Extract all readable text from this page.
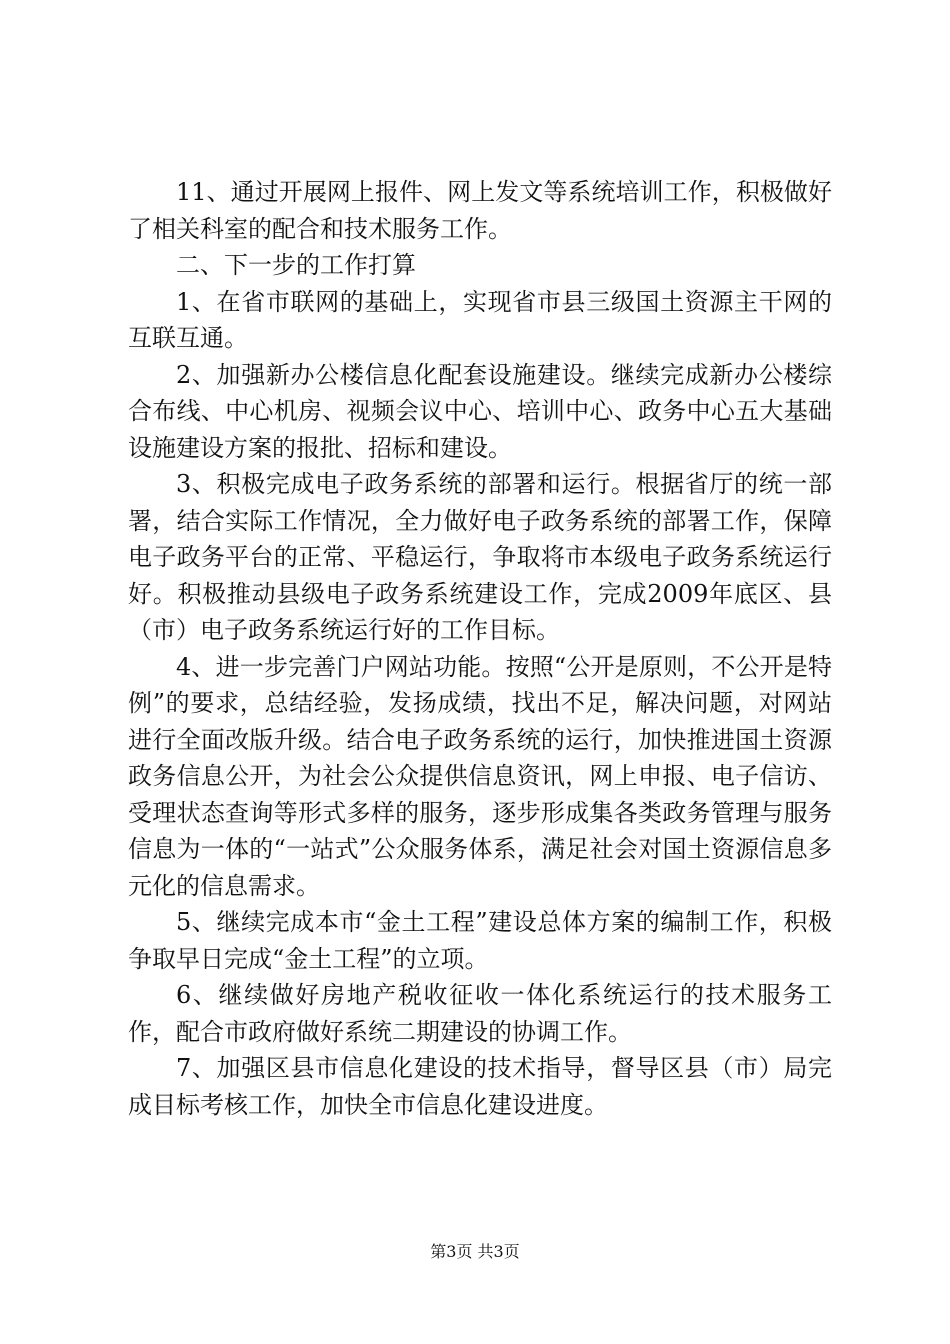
11、通过开展网上报件、网上发文等系统培训工作，积极做好了相关科室的配合和技术服务工作。

二、下一步的工作打算

1、在省市联网的基础上，实现省市县三级国土资源主干网的互联互通。

2、加强新办公楼信息化配套设施建设。继续完成新办公楼综合布线、中心机房、视频会议中心、培训中心、政务中心五大基础设施建设方案的报批、招标和建设。

3、积极完成电子政务系统的部署和运行。根据省厅的统一部署，结合实际工作情况，全力做好电子政务系统的部署工作，保障电子政务平台的正常、平稳运行，争取将市本级电子政务系统运行好。积极推动县级电子政务系统建设工作，完成2009年底区、县（市）电子政务系统运行好的工作目标。

4、进一步完善门户网站功能。按照“公开是原则，不公开是特例”的要求，总结经验，发扬成绩，找出不足，解决问题，对网站进行全面改版升级。结合电子政务系统的运行，加快推进国土资源政务信息公开，为社会公众提供信息资讯，网上申报、电子信访、受理状态查询等形式多样的服务，逐步形成集各类政务管理与服务信息为一体的“一站式”公众服务体系，满足社会对国土资源信息多元化的信息需求。

5、继续完成本市“金土工程”建设总体方案的编制工作，积极争取早日完成“金土工程”的立项。

6、继续做好房地产税收征收一体化系统运行的技术服务工作，配合市政府做好系统二期建设的协调工作。

7、加强区县市信息化建设的技术指导，督导区县（市）局完成目标考核工作，加快全市信息化建设进度。

第3页 共3页
